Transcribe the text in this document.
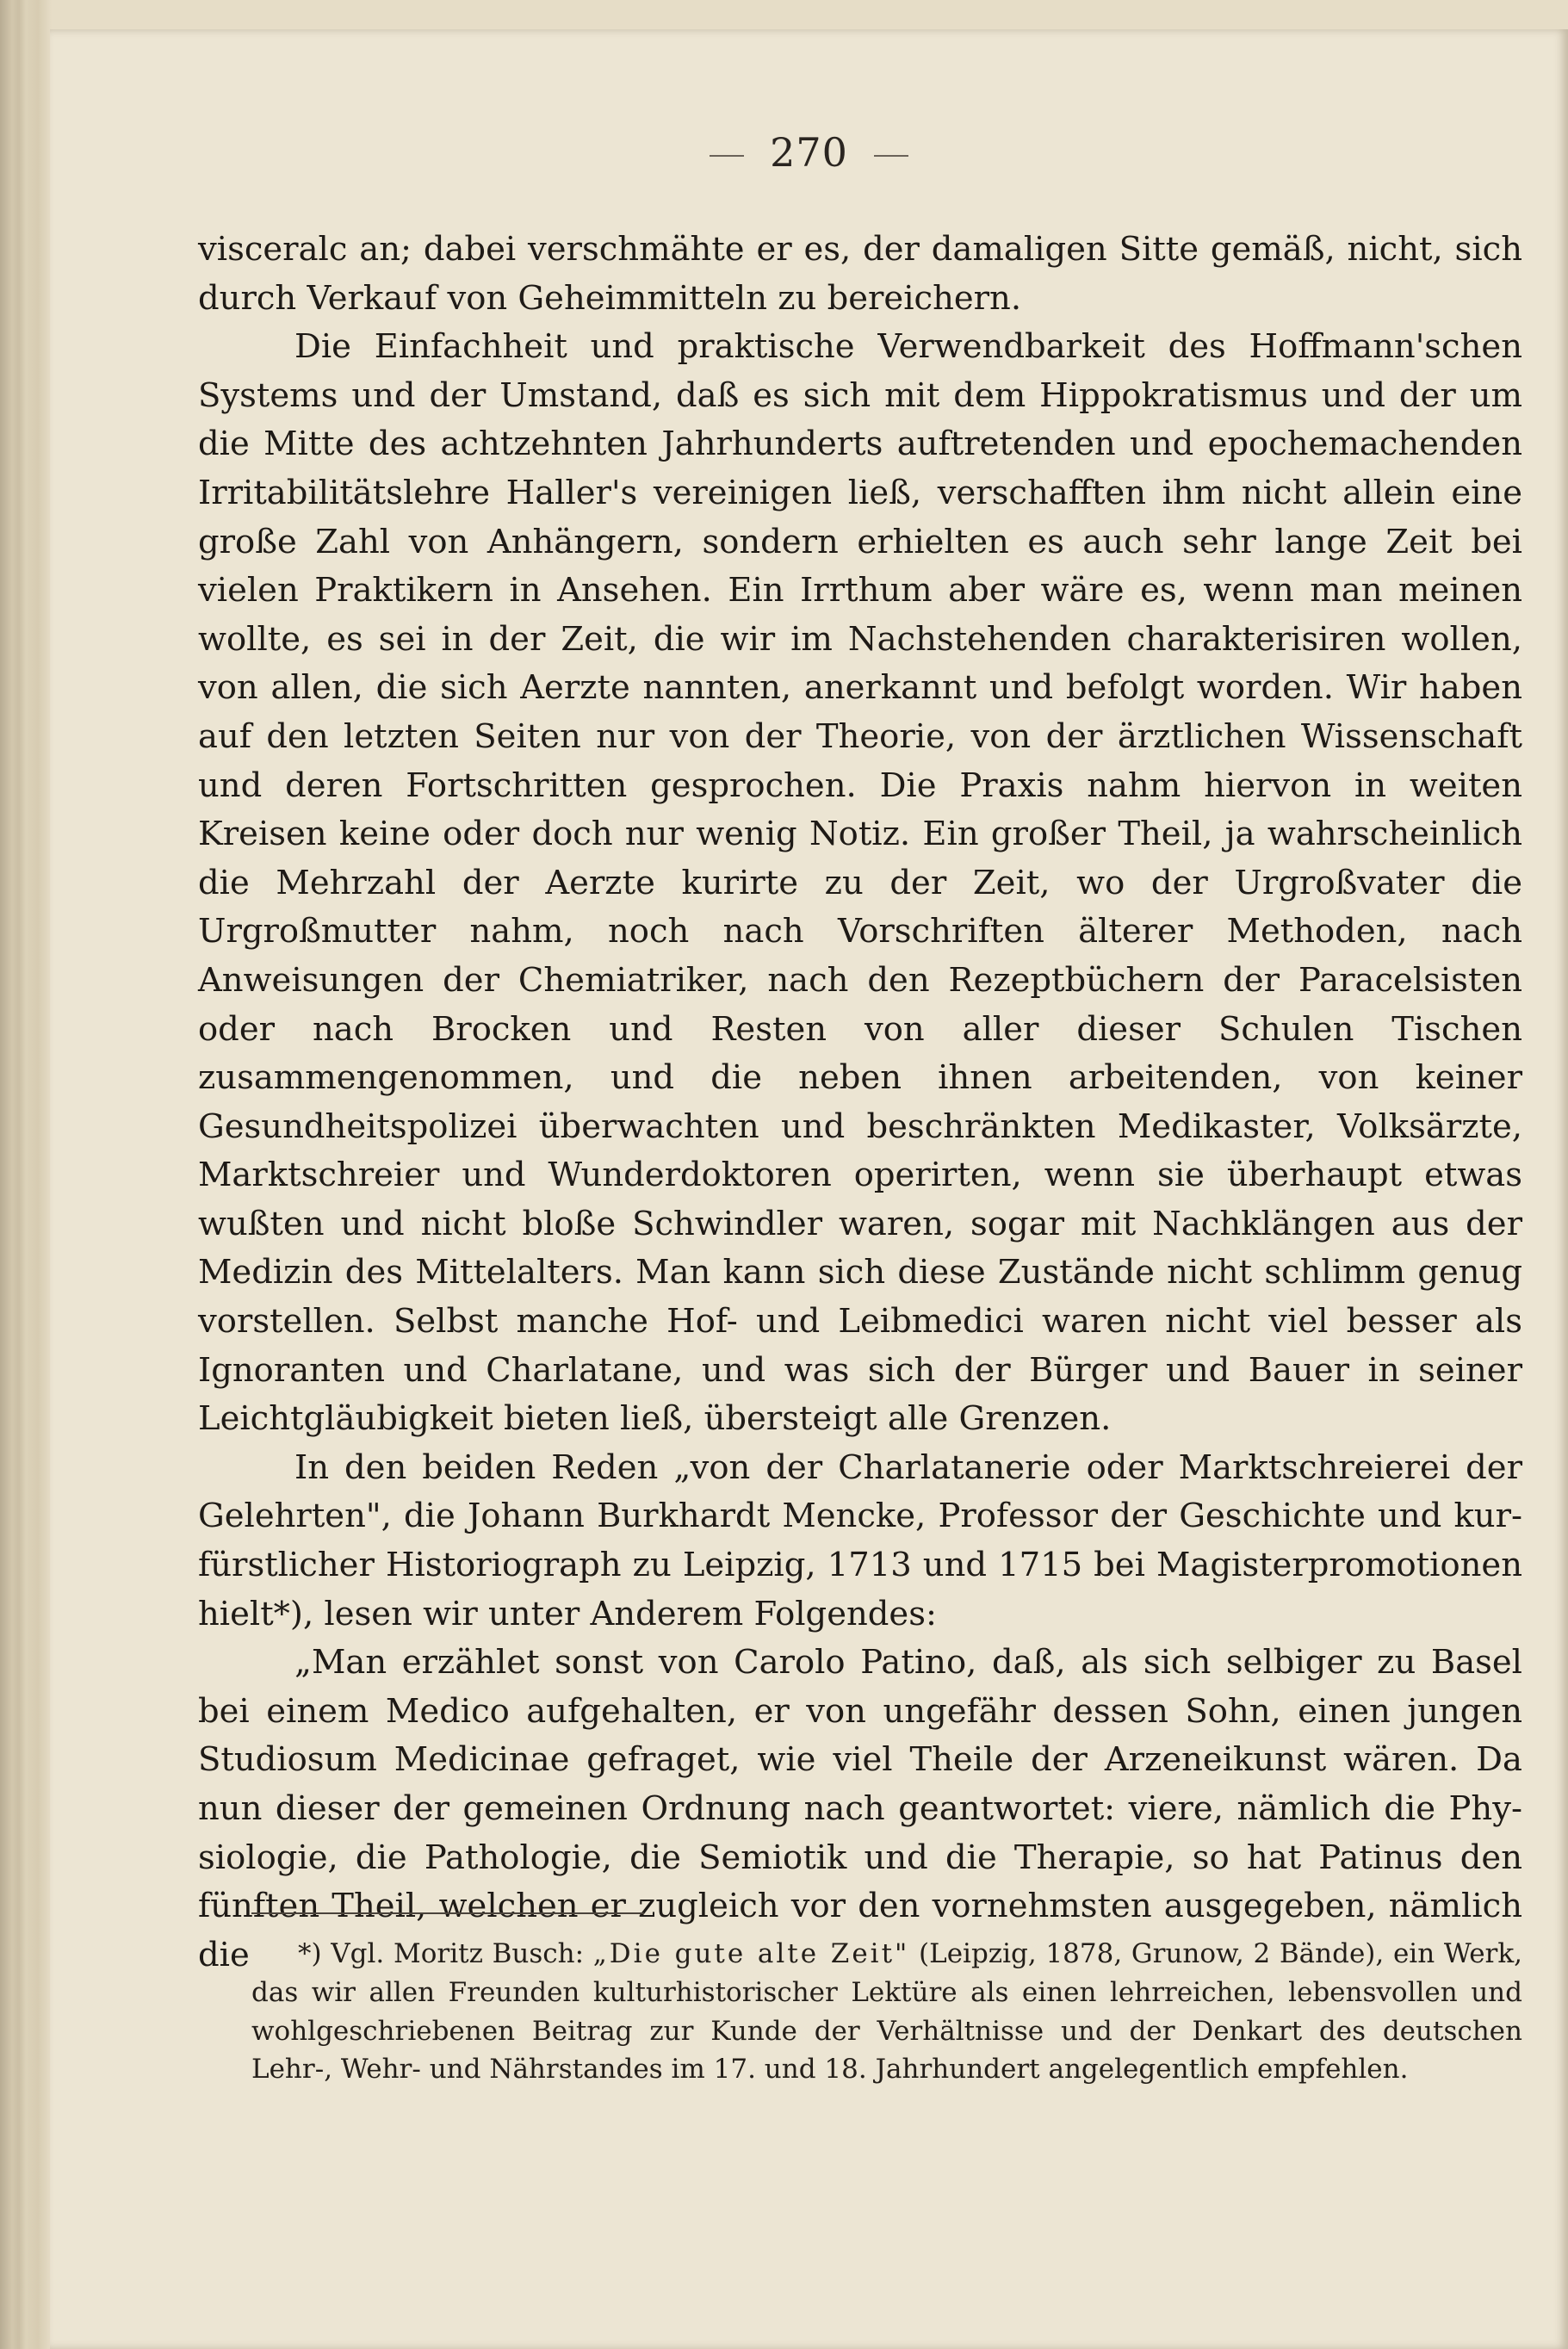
270

visceralc an; dabei verschmähte er es, der damaligen Sitte gemäß, nicht, sich durch Verkauf von Geheimmitteln zu bereichern.

Die Einfachheit und praktische Verwendbarkeit des Hoffmann'schen Systems und der Umstand, daß es sich mit dem Hippokratismus und der um die Mitte des achtzehnten Jahrhunderts auftretenden und epochemachenden Irritabilitätslehre Haller's vereinigen ließ, verschafften ihm nicht allein eine große Zahl von Anhängern, sondern erhielten es auch sehr lange Zeit bei vielen Praktikern in Ansehen. Ein Irrthum aber wäre es, wenn man meinen wollte, es sei in der Zeit, die wir im Nachstehenden charakterisiren wollen, von allen, die sich Aerzte nannten, anerkannt und befolgt worden. Wir haben auf den letzten Seiten nur von der Theorie, von der ärztlichen Wissenschaft und deren Fortschritten gesprochen. Die Praxis nahm hiervon in weiten Kreisen keine oder doch nur wenig Notiz. Ein großer Theil, ja wahrscheinlich die Mehrzahl der Aerzte kurirte zu der Zeit, wo der Urgroßvater die Urgroßmutter nahm, noch nach Vorschriften älterer Methoden, nach Anweisungen der Chemiatriker, nach den Rezeptbüchern der Paracelsisten oder nach Brocken und Resten von aller dieser Schulen Tischen zusammengenommen, und die neben ihnen arbeitenden, von keiner Gesundheitspolizei überwachten und beschränkten Medikaster, Volksärzte, Marktschreier und Wunderdoktoren operirten, wenn sie überhaupt etwas wußten und nicht bloße Schwindler waren, sogar mit Nachklängen aus der Medizin des Mittelalters. Man kann sich diese Zustände nicht schlimm genug vorstellen. Selbst manche Hof- und Leibmedici waren nicht viel besser als Ignoranten und Charlatane, und was sich der Bürger und Bauer in seiner Leichtgläubigkeit bieten ließ, übersteigt alle Grenzen.

In den beiden Reden „von der Charlatanerie oder Marktschreierei der Gelehrten", die Johann Burkhardt Mencke, Professor der Geschichte und kurfürstlicher Historiograph zu Leipzig, 1713 und 1715 bei Magisterpromotionen hielt*), lesen wir unter Anderem Folgendes:

„Man erzählet sonst von Carolo Patino, daß, als sich selbiger zu Basel bei einem Medico aufgehalten, er von ungefähr dessen Sohn, einen jungen Studiosum Medicinae gefraget, wie viel Theile der Arzeneikunst wären. Da nun dieser der gemeinen Ordnung nach geantwortet: viere, nämlich die Physiologie, die Pathologie, die Semiotik und die Therapie, so hat Patinus den fünften Theil, welchen er zugleich vor den vornehmsten ausgegeben, nämlich die	*) Vgl. Moritz Busch: „Die gute alte Zeit" (Leipzig, 1878, Grunow, 2 Bände), ein Werk, das wir allen Freunden kulturhistorischer Lektüre als einen lehrreichen, lebensvollen und wohlgeschriebenen Beitrag zur Kunde der Verhältnisse und der Denkart des deutschen Lehr-, Wehr- und Nährstandes im 17. und 18. Jahrhundert angelegentlich empfehlen.
